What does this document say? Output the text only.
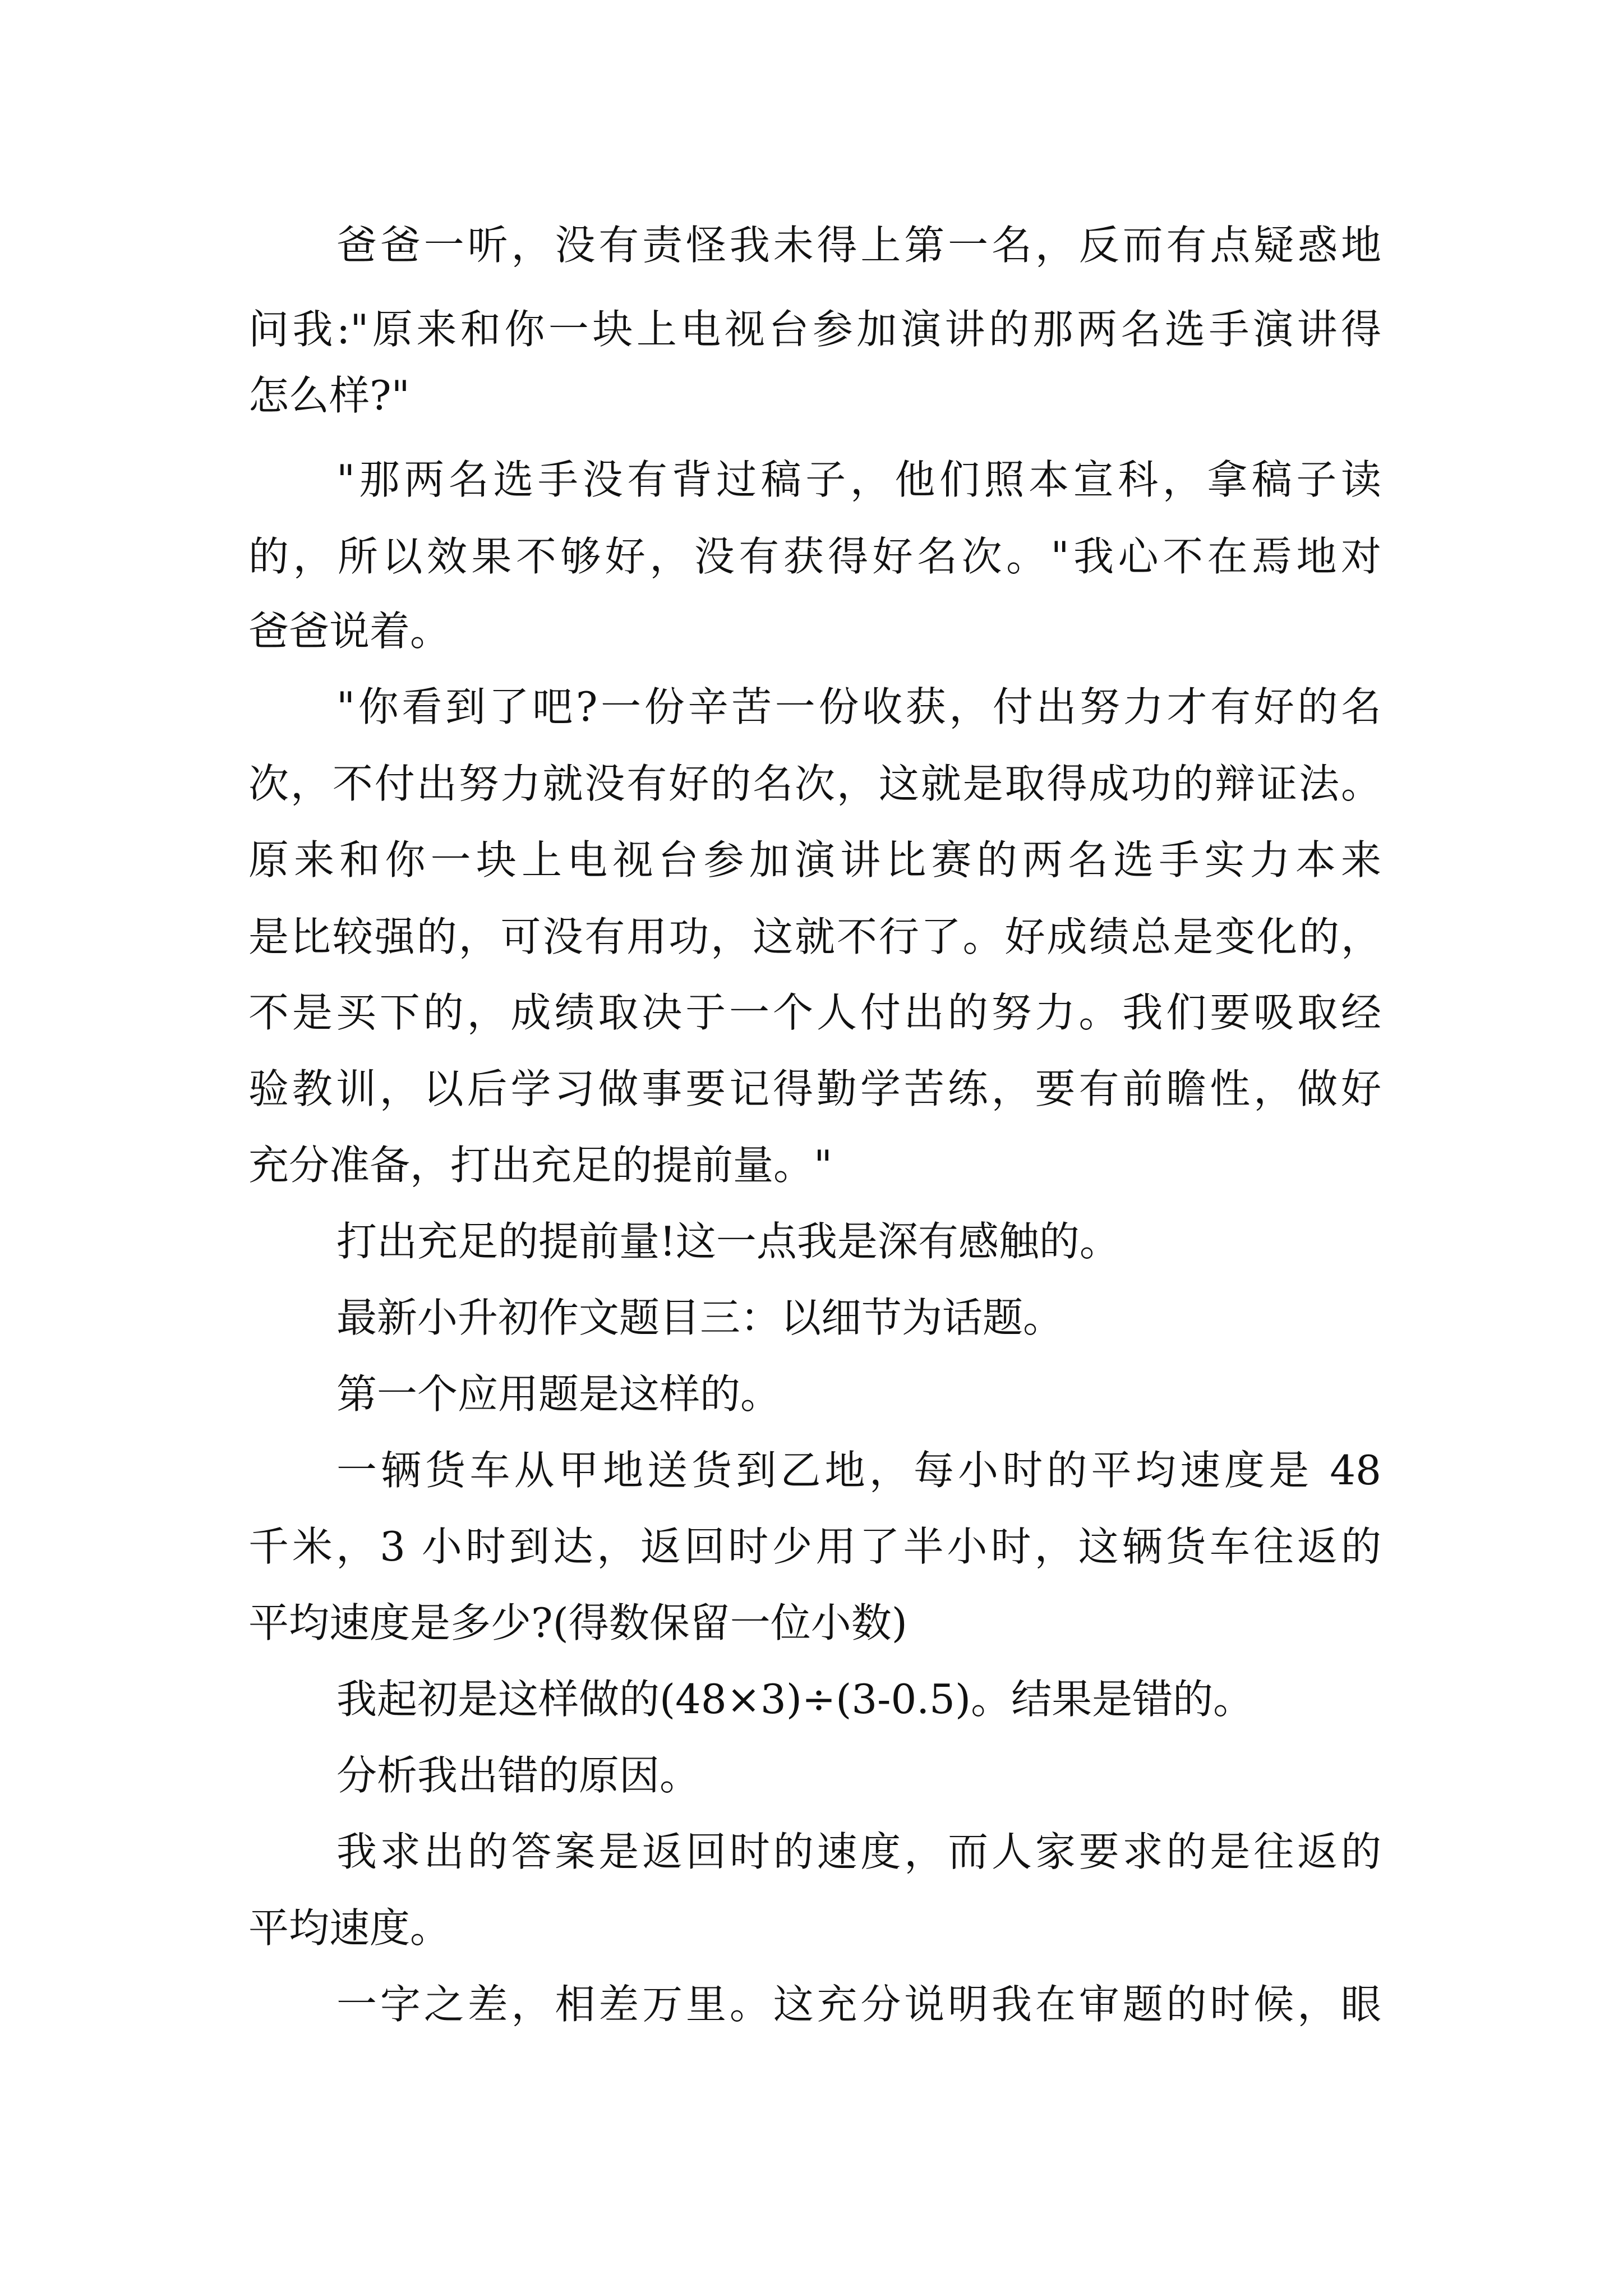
爸爸一听，没有责怪我未得上第一名，反而有点疑惑地
问我:"原来和你一块上电视台参加演讲的那两名选手演讲得
怎么样?"
"那两名选手没有背过稿子，他们照本宣科，拿稿子读
的，所以效果不够好，没有获得好名次。"我心不在焉地对
爸爸说着。
"你看到了吧?一份辛苦一份收获，付出努力才有好的名
次，不付出努力就没有好的名次，这就是取得成功的辩证法。
原来和你一块上电视台参加演讲比赛的两名选手实力本来
是比较强的，可没有用功，这就不行了。好成绩总是变化的，
不是买下的，成绩取决于一个人付出的努力。我们要吸取经
验教训，以后学习做事要记得勤学苦练，要有前瞻性，做好
充分准备，打出充足的提前量。"
打出充足的提前量!这一点我是深有感触的。
最新小升初作文题目三：以细节为话题。
第一个应用题是这样的。
一辆货车从甲地送货到乙地，每小时的平均速度是 48
千米，3 小时到达，返回时少用了半小时，这辆货车往返的
平均速度是多少?(得数保留一位小数)
我起初是这样做的(48×3)÷(3-0.5)。结果是错的。
分析我出错的原因。
我求出的答案是返回时的速度，而人家要求的是往返的
平均速度。
一字之差，相差万里。这充分说明我在审题的时候，眼
